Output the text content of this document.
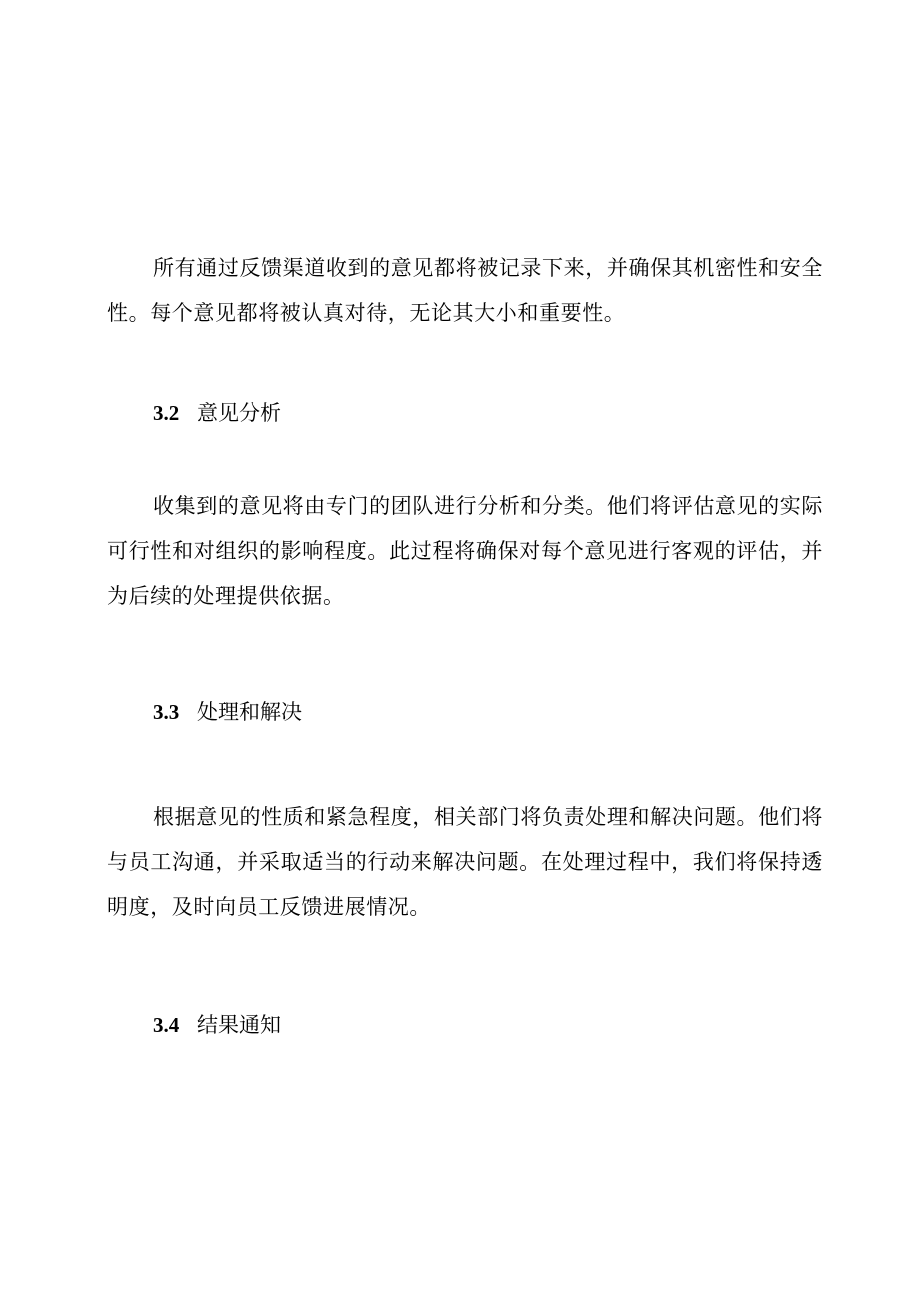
所有通过反馈渠道收到的意见都将被记录下来，并确保其机密性和安全性。每个意见都将被认真对待，无论其大小和重要性。

3.2 意见分析

收集到的意见将由专门的团队进行分析和分类。他们将评估意见的实际可行性和对组织的影响程度。此过程将确保对每个意见进行客观的评估，并为后续的处理提供依据。

3.3 处理和解决

根据意见的性质和紧急程度，相关部门将负责处理和解决问题。他们将与员工沟通，并采取适当的行动来解决问题。在处理过程中，我们将保持透明度，及时向员工反馈进展情况。

3.4 结果通知
